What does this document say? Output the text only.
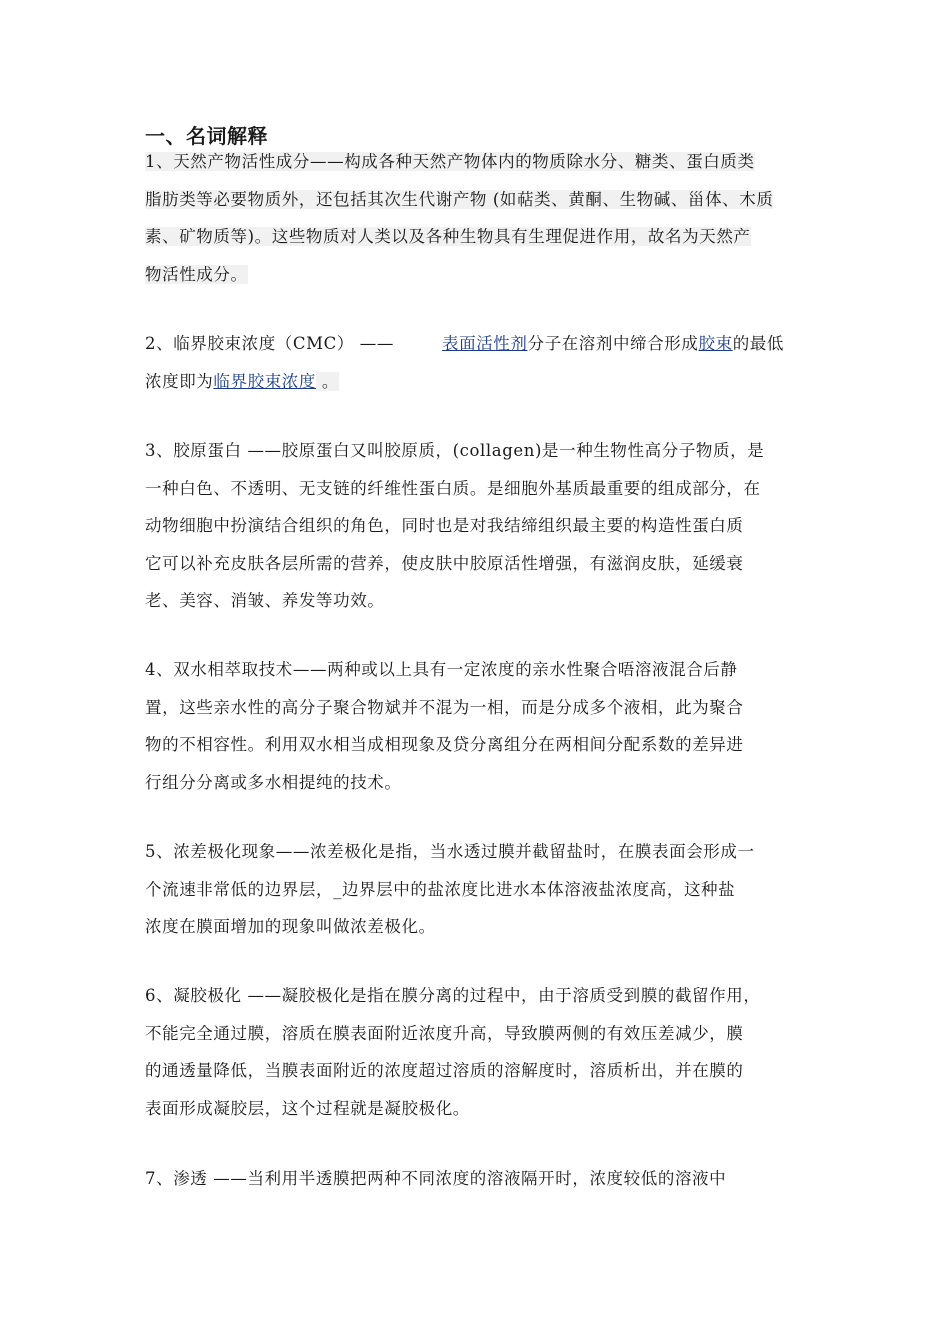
一、名词解释

1、天然产物活性成分——构成各种天然产物体内的物质除水分、糖类、蛋白质类
脂肪类等必要物质外，还包括其次生代谢产物 (如萜类、黄酮、生物碱、甾体、木质
素、矿物质等)。这些物质对人类以及各种生物具有生理促进作用，故名为天然产
物活性成分。

2、临界胶束浓度（CMC） ——	表面活性剂分子在溶剂中缔合形成胶束的最低
浓度即为临界胶束浓度 。

3、胶原蛋白 ——胶原蛋白又叫胶原质，(collagen)是一种生物性高分子物质，是
一种白色、不透明、无支链的纤维性蛋白质。是细胞外基质最重要的组成部分，在
动物细胞中扮演结合组织的角色，同时也是对我结缔组织最主要的构造性蛋白质
它可以补充皮肤各层所需的营养，使皮肤中胶原活性增强，有滋润皮肤，延缓衰
老、美容、消皱、养发等功效。

4、双水相萃取技术——两种或以上具有一定浓度的亲水性聚合唔溶液混合后静
置，这些亲水性的高分子聚合物斌并不混为一相，而是分成多个液相，此为聚合
物的不相容性。利用双水相当成相现象及贷分离组分在两相间分配系数的差异进
行组分分离或多水相提纯的技术。

5、浓差极化现象——浓差极化是指，当水透过膜并截留盐时，在膜表面会形成一
个流速非常低的边界层，_边界层中的盐浓度比进水本体溶液盐浓度高，这种盐
浓度在膜面增加的现象叫做浓差极化。

6、凝胶极化 ——凝胶极化是指在膜分离的过程中，由于溶质受到膜的截留作用，
不能完全通过膜，溶质在膜表面附近浓度升高，导致膜两侧的有效压差减少，膜
的通透量降低，当膜表面附近的浓度超过溶质的溶解度时，溶质析出，并在膜的
表面形成凝胶层，这个过程就是凝胶极化。

7、渗透 ——当利用半透膜把两种不同浓度的溶液隔开时，浓度较低的溶液中
